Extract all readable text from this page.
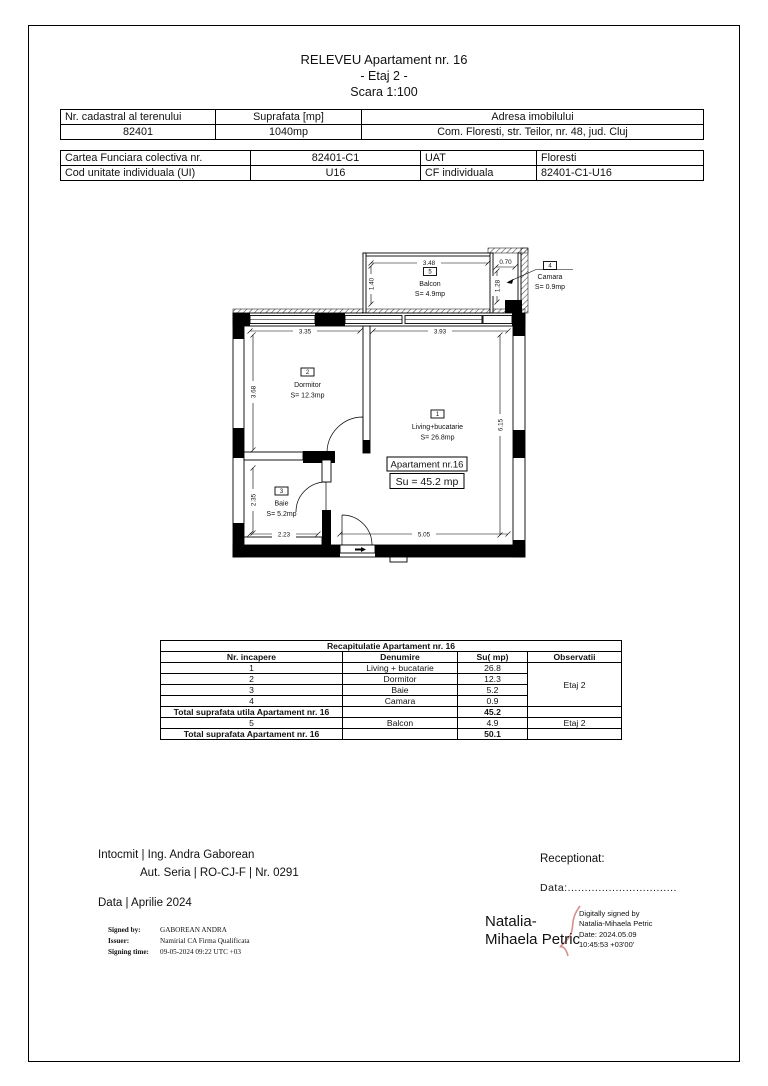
RELEVEU Apartament nr. 16
- Etaj 2 -
Scara 1:100
Nr. cadastral al terenului	Suprafata [mp]	Adresa imobilului
82401	1040mp	Com. Floresti, str. Teilor, nr. 48, jud. Cluj
Cartea Funciara colectiva nr.	82401-C1	UAT	Floresti
Cod unitate individuala (UI)	U16	CF individuala	82401-C1-U16
3.48
1.40
0.70
1.28
3.35	3.93
3.68
6.15
2.35
2.23	5.05
5
Balcon
S= 4.9mp
4
Camara
S= 0.9mp
2
Dormitor
S= 12.3mp
1
Living+bucatarie
S= 26.8mp
3
Baie
S= 5.2mp
Apartament nr.16
Su = 45.2 mp
Recapitulatie Apartament nr. 16			
Nr. incapere	Denumire	Su( mp)	Observatii
1	Living + bucatarie	26.8	Etaj 2
2	Dormitor	12.3	
3	Baie	5.2	
4	Camara	0.9	
Total suprafata utila Apartament nr. 16		45.2	
5	Balcon	4.9	Etaj 2
Total suprafata Apartament nr. 16		50.1	
Intocmit | Ing. Andra Gaborean
Aut. Seria | RO-CJ-F | Nr. 0291
Data | Aprilie 2024
Signed by:	GABOREAN ANDRA
Issuer:	Namirial CA Firma Qualificata
Signing time:	09-05-2024 09:22 UTC +03
Receptionat:
Data:................................
Natalia-
Mihaela Petric
Digitally signed by
Natalia-Mihaela Petric
Date: 2024.05.09
10:45:53 +03'00'
